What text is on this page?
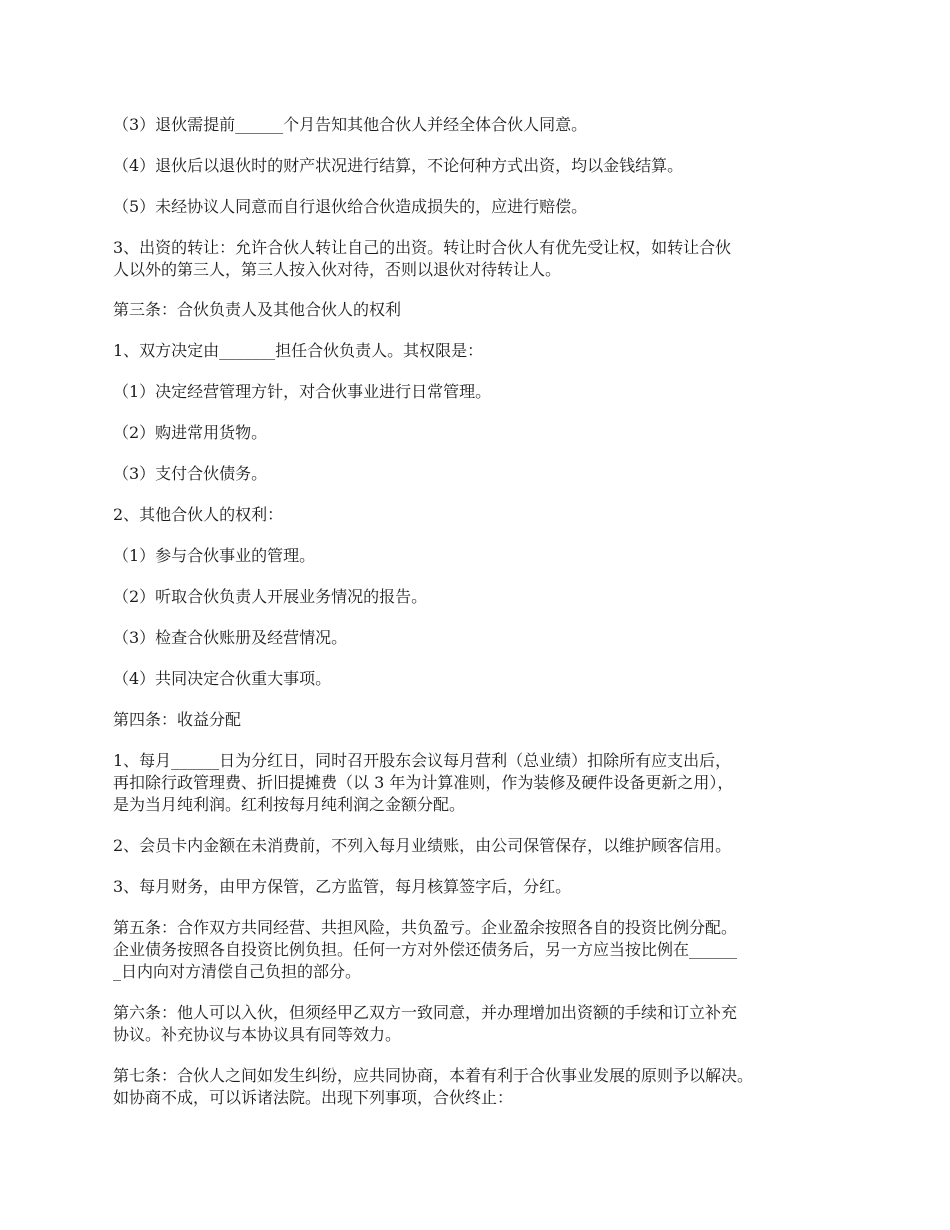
（3）退伙需提前______个月告知其他合伙人并经全体合伙人同意。

（4）退伙后以退伙时的财产状况进行结算，不论何种方式出资，均以金钱结算。

（5）未经协议人同意而自行退伙给合伙造成损失的，应进行赔偿。

3、出资的转让：允许合伙人转让自己的出资。转让时合伙人有优先受让权，如转让合伙
人以外的第三人，第三人按入伙对待，否则以退伙对待转让人。

第三条：合伙负责人及其他合伙人的权利

1、双方决定由_______担任合伙负责人。其权限是：

（1）决定经营管理方针，对合伙事业进行日常管理。

（2）购进常用货物。

（3）支付合伙债务。

2、其他合伙人的权利：

（1）参与合伙事业的管理。

（2）听取合伙负责人开展业务情况的报告。

（3）检查合伙账册及经营情况。

（4）共同决定合伙重大事项。

第四条：收益分配

1、每月______日为分红日，同时召开股东会议每月营利（总业绩）扣除所有应支出后，
再扣除行政管理费、折旧提摊费（以 3 年为计算准则，作为装修及硬件设备更新之用），
是为当月纯利润。红利按每月纯利润之金额分配。

2、会员卡内金额在未消费前，不列入每月业绩账，由公司保管保存，以维护顾客信用。

3、每月财务，由甲方保管，乙方监管，每月核算签字后，分红。

第五条：合作双方共同经营、共担风险，共负盈亏。企业盈余按照各自的投资比例分配。
企业债务按照各自投资比例负担。任何一方对外偿还债务后，另一方应当按比例在______
_日内向对方清偿自己负担的部分。

第六条：他人可以入伙，但须经甲乙双方一致同意，并办理增加出资额的手续和订立补充
协议。补充协议与本协议具有同等效力。

第七条：合伙人之间如发生纠纷，应共同协商，本着有利于合伙事业发展的原则予以解决。
如协商不成，可以诉诸法院。出现下列事项，合伙终止：
